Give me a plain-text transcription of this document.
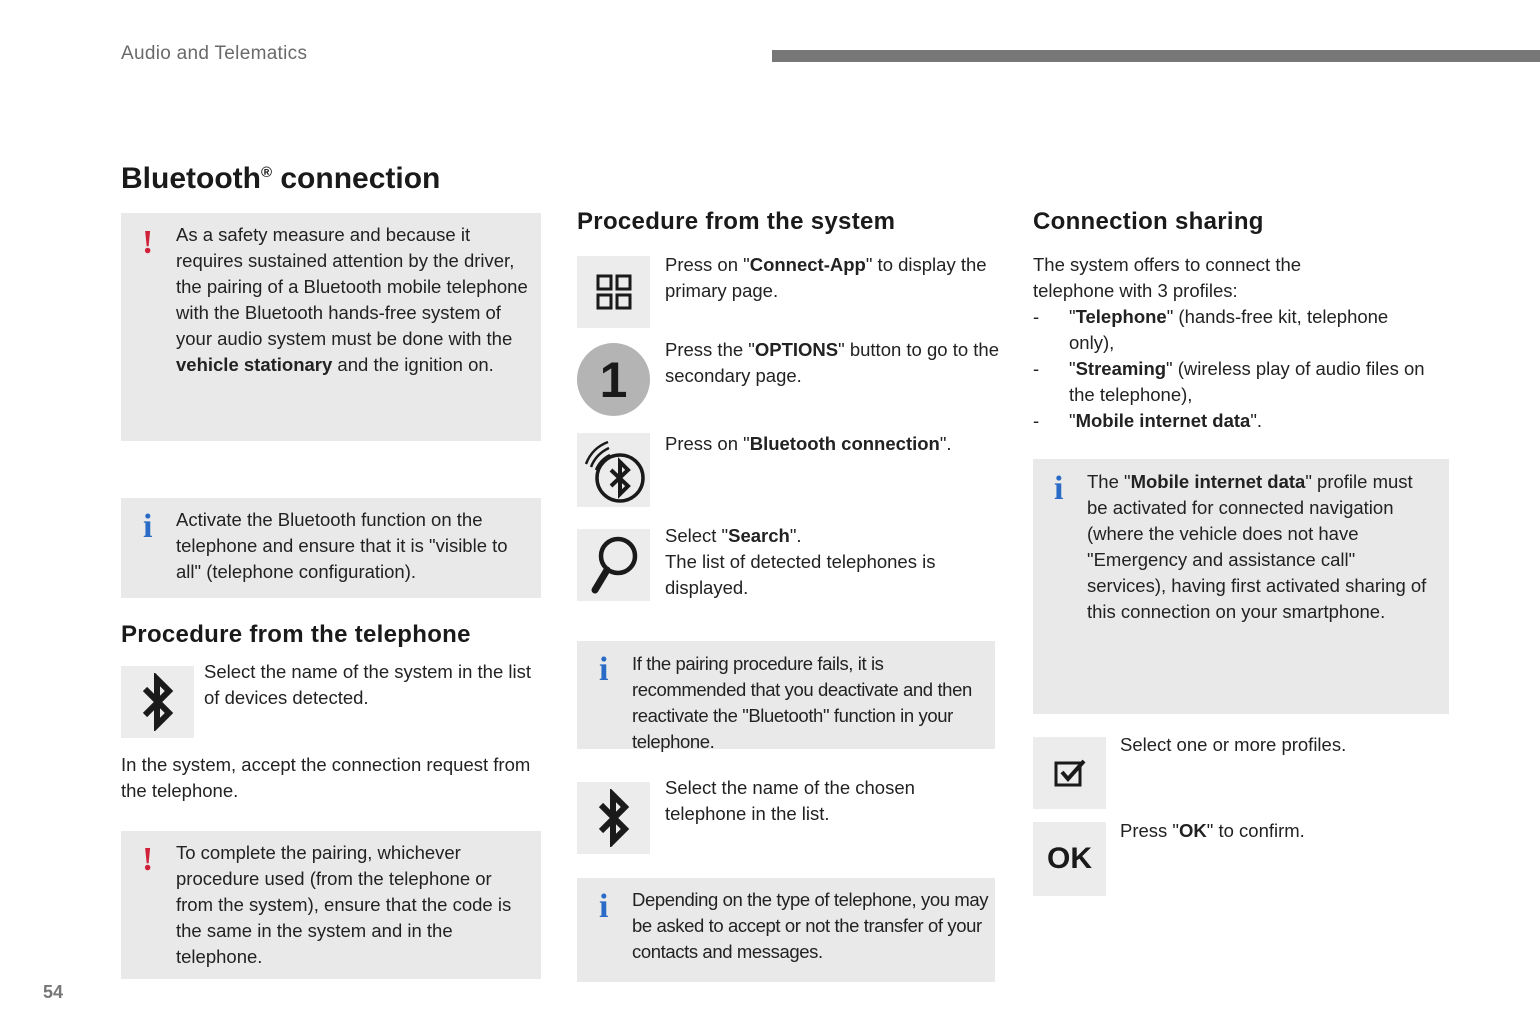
Audio and Telematics
Bluetooth® connection
! As a safety measure and because it requires sustained attention by the driver, the pairing of a Bluetooth mobile telephone with the Bluetooth hands-free system of your audio system must be done with the vehicle stationary and the ignition on.
i Activate the Bluetooth function on the telephone and ensure that it is "visible to all" (telephone configuration).
Procedure from the telephone
Select the name of the system in the list of devices detected.
In the system, accept the connection request from the telephone.
! To complete the pairing, whichever procedure used (from the telephone or from the system), ensure that the code is the same in the system and in the telephone.
Procedure from the system
Press on "Connect-App" to display the primary page.
1
Press the "OPTIONS" button to go to the secondary page.
Press on "Bluetooth connection".
Select "Search".
The list of detected telephones is displayed.
i If the pairing procedure fails, it is recommended that you deactivate and then reactivate the "Bluetooth" function in your telephone.
Select the name of the chosen telephone in the list.
i Depending on the type of telephone, you may be asked to accept or not the transfer of your contacts and messages.
Connection sharing
The system offers to connect the telephone with 3 profiles:
- "Telephone" (hands-free kit, telephone only),
- "Streaming" (wireless play of audio files on the telephone),
- "Mobile internet data".
i The "Mobile internet data" profile must be activated for connected navigation (where the vehicle does not have "Emergency and assistance call" services), having first activated sharing of this connection on your smartphone.
Select one or more profiles.
OK
Press "OK" to confirm.
54
